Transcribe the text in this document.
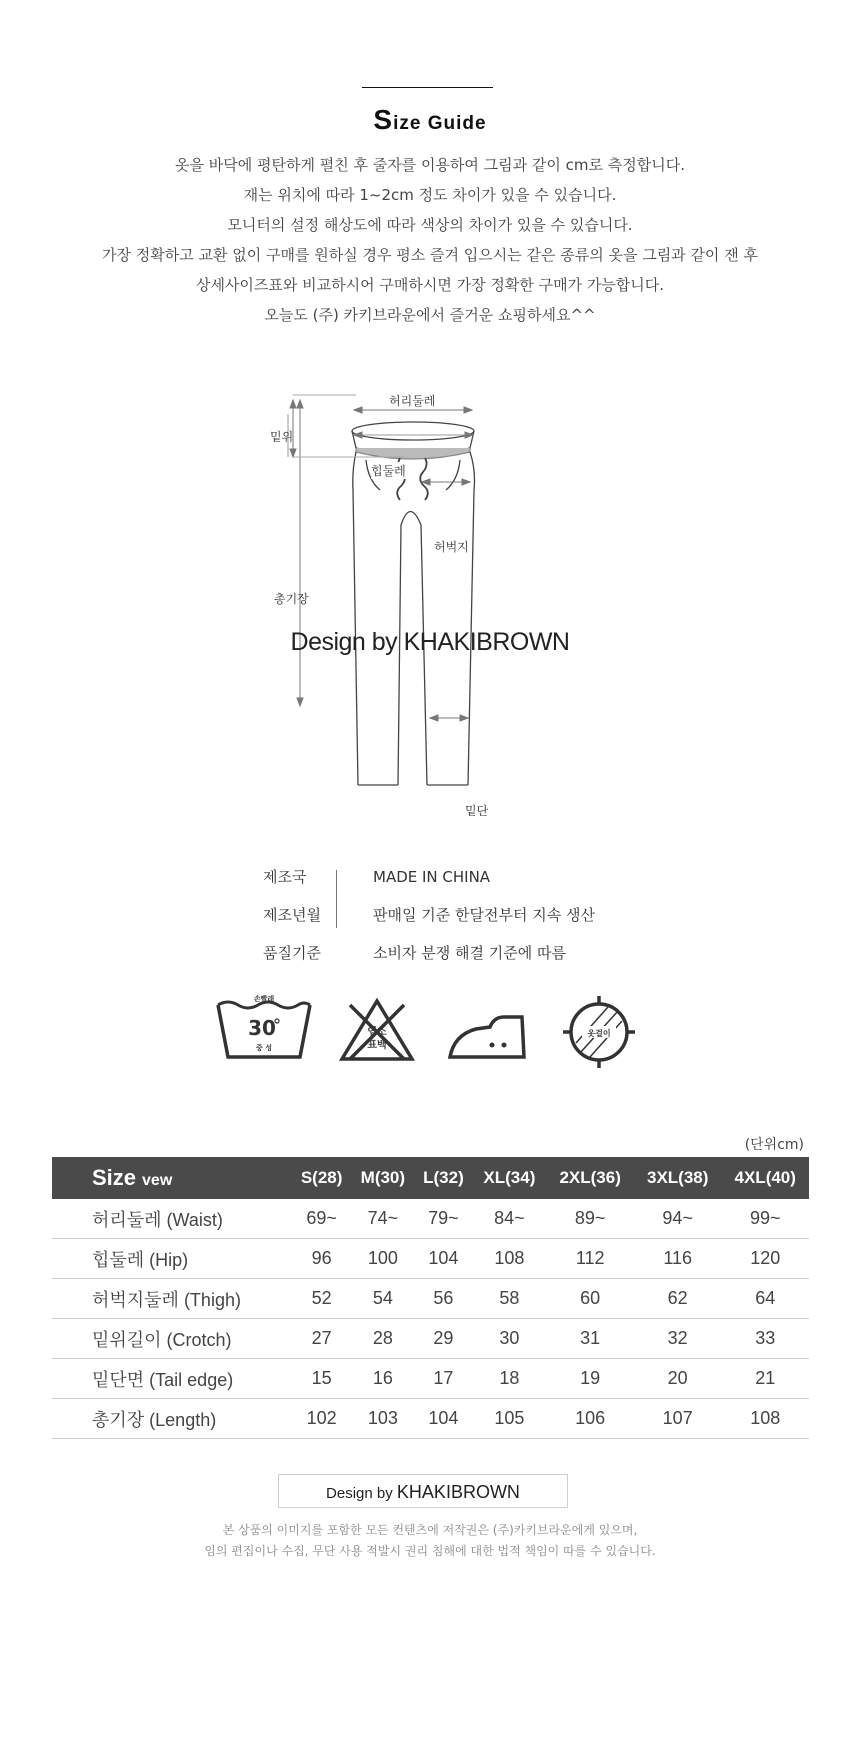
Size Guide
옷을 바닥에 평탄하게 펼친 후 줄자를 이용하여 그림과 같이 cm로 측정합니다.
재는 위치에 따라 1~2cm 정도 차이가 있을 수 있습니다.
모니터의 설정 해상도에 따라 색상의 차이가 있을 수 있습니다.
가장 정확하고 교환 없이 구매를 원하실 경우 평소 즐겨 입으시는 같은 종류의 옷을 그림과 같이 잰 후
상세사이즈표와 비교하시어 구매하시면 가장 정확한 구매가 가능합니다.
오늘도 (주) 카키브라운에서 즐거운 쇼핑하세요^^
허리둘레
밑위
힙둘레
허벅지
총기장
밑단
Design by KHAKIBROWN
제조국	MADE IN CHINA
제조년월	판매일 기준 한달전부터 지속 생산
품질기준	소비자 분쟁 해결 기준에 따름
손빨래
30
중 성
염소
표백
옷걸이
(단위cm)
Size vew	S(28)	M(30)	L(32)	XL(34)	2XL(36)	3XL(38)	4XL(40)
허리둘레 (Waist)	69~	74~	79~	84~	89~	94~	99~
힙둘레 (Hip)	96	100	104	108	112	116	120
허벅지둘레 (Thigh)	52	54	56	58	60	62	64
밑위길이 (Crotch)	27	28	29	30	31	32	33
밑단면 (Tail edge)	15	16	17	18	19	20	21
총기장 (Length)	102	103	104	105	106	107	108
Design by KHAKIBROWN
본 상품의 이미지를 포함한 모든 컨텐츠에 저작권은 (주)카키브라운에게 있으며,
임의 편집이나 수집, 무단 사용 적발시 권리 침해에 대한 법적 책임이 따를 수 있습니다.
